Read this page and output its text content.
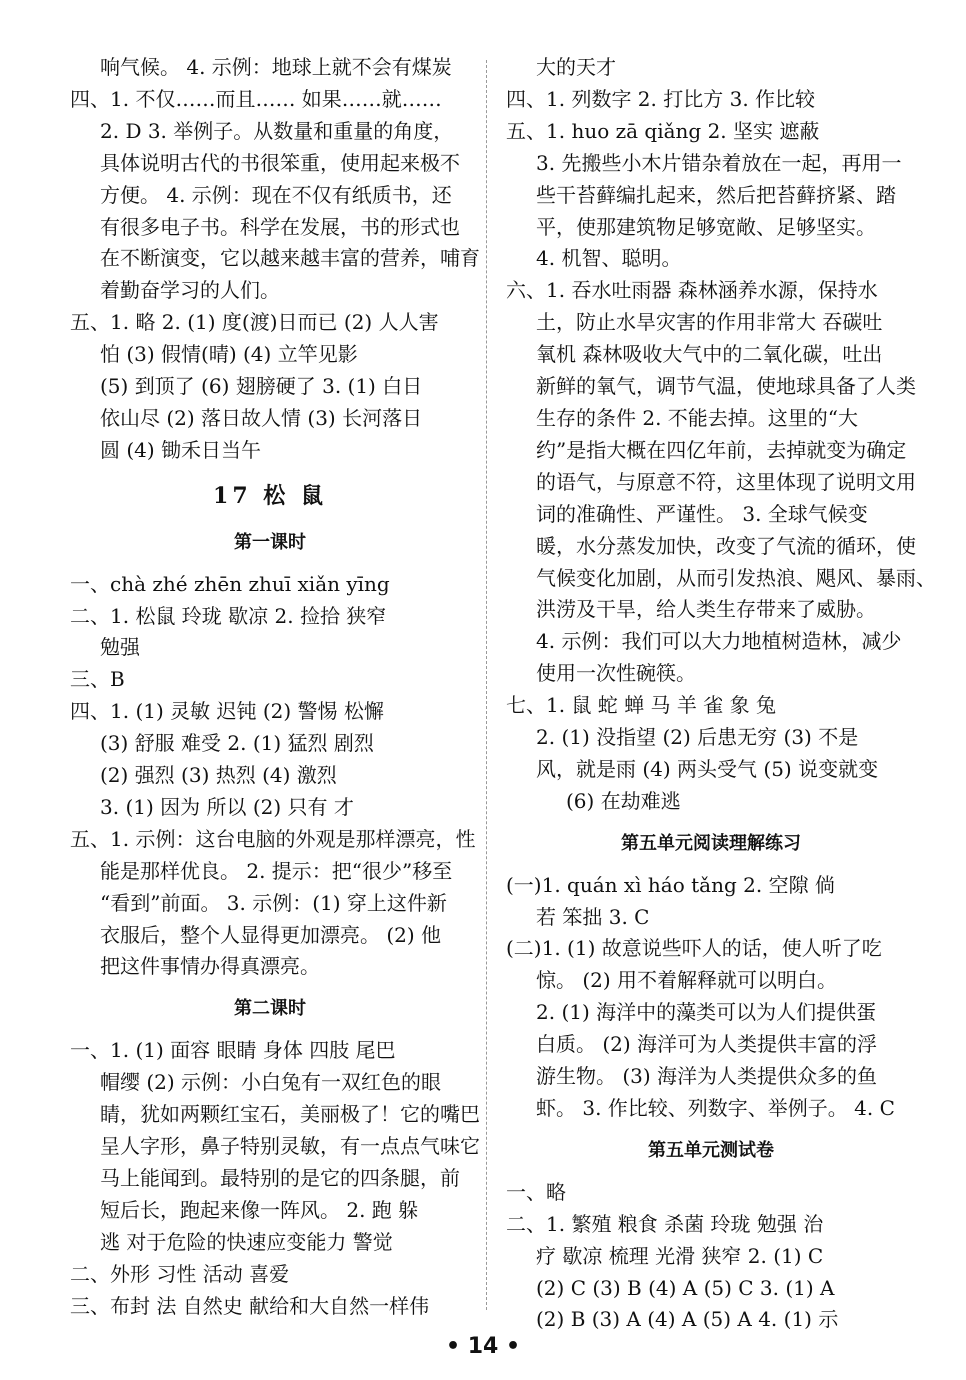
响气候。 4. 示例：地球上就不会有煤炭

四、1. 不仅……而且…… 如果……就……

2. D 3. 举例子。从数量和重量的角度，

具体说明古代的书很笨重，使用起来极不

方便。 4. 示例：现在不仅有纸质书，还

有很多电子书。科学在发展，书的形式也

在不断演变，它以越来越丰富的营养，哺育

着勤奋学习的人们。

五、1. 略 2. (1) 度(渡)日而已 (2) 人人害

怕 (3) 假情(晴) (4) 立竿见影

(5) 到顶了 (6) 翅膀硬了 3. (1) 白日

依山尽 (2) 落日故人情 (3) 长河落日

圆 (4) 锄禾日当午

17 松 鼠

第一课时

一、chà zhé zhēn zhuī xiǎn yīng

二、1. 松鼠 玲珑 歇凉 2. 捡拾 狭窄

勉强

三、B

四、1. (1) 灵敏 迟钝 (2) 警惕 松懈

(3) 舒服 难受 2. (1) 猛烈 剧烈

(2) 强烈 (3) 热烈 (4) 激烈

3. (1) 因为 所以 (2) 只有 才

五、1. 示例：这台电脑的外观是那样漂亮，性

能是那样优良。 2. 提示：把“很少”移至

“看到”前面。 3. 示例：(1) 穿上这件新

衣服后，整个人显得更加漂亮。 (2) 他

把这件事情办得真漂亮。

第二课时

一、1. (1) 面容 眼睛 身体 四肢 尾巴

帽缨 (2) 示例：小白兔有一双红色的眼

睛，犹如两颗红宝石，美丽极了！它的嘴巴

呈人字形，鼻子特别灵敏，有一点点气味它

马上能闻到。最特别的是它的四条腿，前

短后长，跑起来像一阵风。 2. 跑 躲

逃 对于危险的快速应变能力 警觉

二、外形 习性 活动 喜爱

三、布封 法 自然史 献给和大自然一样伟

大的天才

四、1. 列数字 2. 打比方 3. 作比较

五、1. huo zā qiǎng 2. 坚实 遮蔽

3. 先搬些小木片错杂着放在一起，再用一

些干苔藓编扎起来，然后把苔藓挤紧、踏

平，使那建筑物足够宽敞、足够坚实。

4. 机智、聪明。

六、1. 吞水吐雨器 森林涵养水源，保持水

土，防止水旱灾害的作用非常大 吞碳吐

氧机 森林吸收大气中的二氧化碳，吐出

新鲜的氧气，调节气温，使地球具备了人类

生存的条件 2. 不能去掉。这里的“大

约”是指大概在四亿年前，去掉就变为确定

的语气，与原意不符，这里体现了说明文用

词的准确性、严谨性。 3. 全球气候变

暖，水分蒸发加快，改变了气流的循环，使

气候变化加剧，从而引发热浪、飓风、暴雨、

洪涝及干旱，给人类生存带来了威胁。

4. 示例：我们可以大力地植树造林，减少

使用一次性碗筷。

七、1. 鼠 蛇 蝉 马 羊 雀 象 兔

2. (1) 没指望 (2) 后患无穷 (3) 不是

风，就是雨 (4) 两头受气 (5) 说变就变

(6) 在劫难逃

第五单元阅读理解练习

(一)1. quán xì háo tǎng 2. 空隙 倘

若 笨拙 3. C

(二)1. (1) 故意说些吓人的话，使人听了吃

惊。 (2) 用不着解释就可以明白。

2. (1) 海洋中的藻类可以为人们提供蛋

白质。 (2) 海洋可为人类提供丰富的浮

游生物。 (3) 海洋为人类提供众多的鱼

虾。 3. 作比较、列数字、举例子。 4. C

第五单元测试卷

一、略

二、1. 繁殖 粮食 杀菌 玲珑 勉强 治

疗 歇凉 梳理 光滑 狭窄 2. (1) C

(2) C (3) B (4) A (5) C 3. (1) A

(2) B (3) A (4) A (5) A 4. (1) 示

• 14 •
